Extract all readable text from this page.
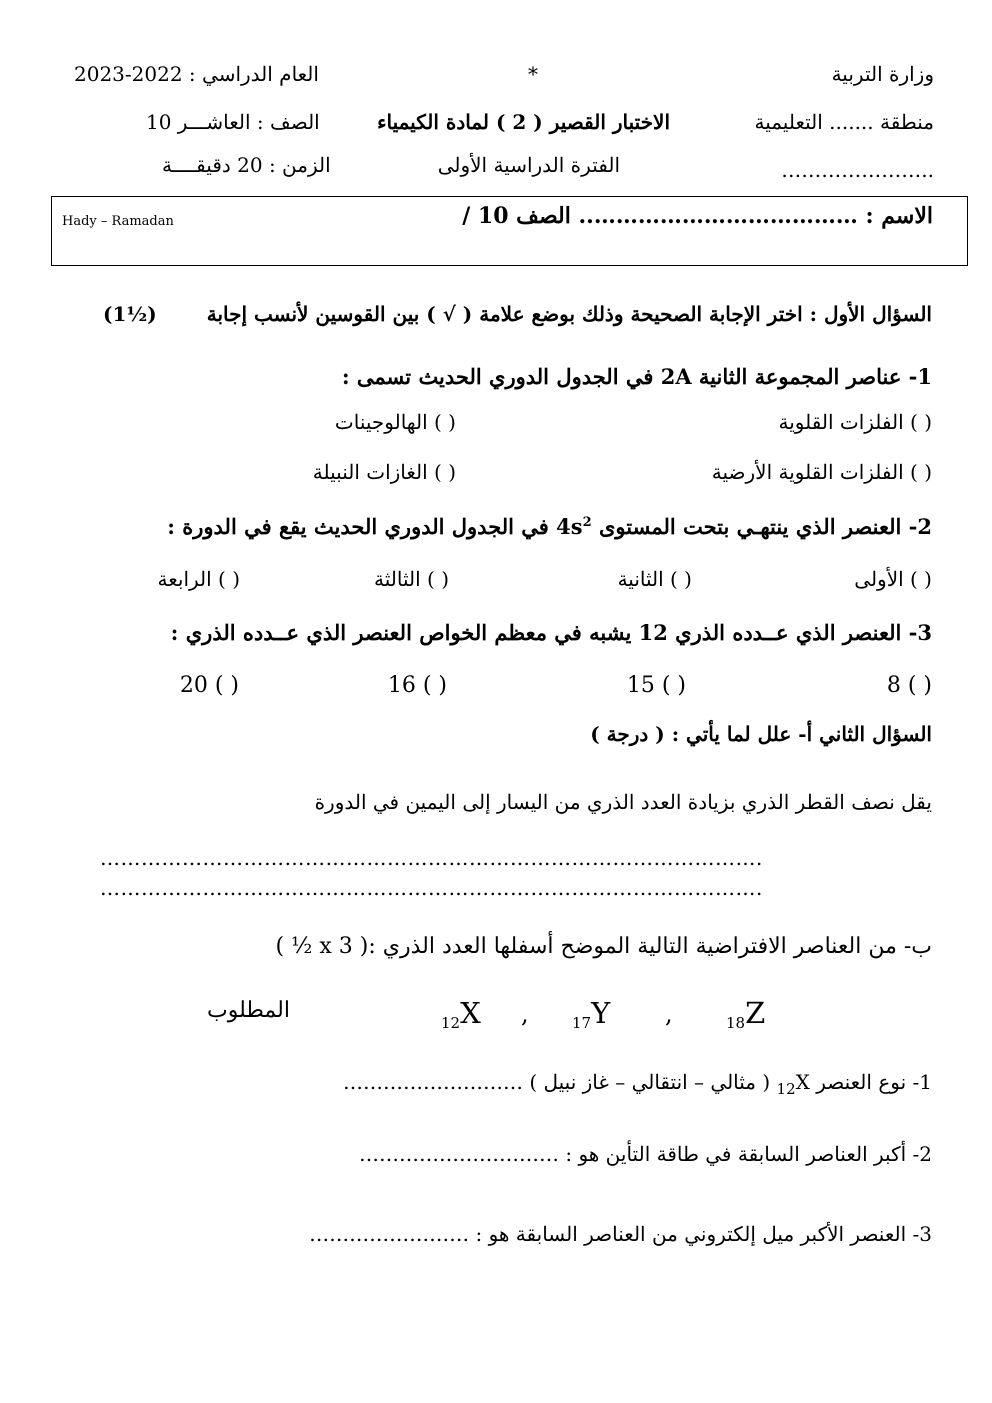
وزارة التربية
*
العام الدراسي : 2022-2023
منطقة ....... التعليمية
الاختبار القصير ( 2 ) لمادة الكيمياء
الصف : العاشـــر 10
…………………..
الفترة الدراسية الأولى
الزمن : 20 دقيقــــة
الاسم : ……………………………….. الصف 10 /
Hady – Ramadan
السؤال الأول : اختر الإجابة الصحيحة وذلك بوضع علامة ( √ ) بين القوسين لأنسب إجابة
(1½)
1- عناصر المجموعة الثانية 2A في الجدول الدوري الحديث تسمى :
( ) الفلزات القلوية
( ) الهالوجينات
( ) الفلزات القلوية الأرضية
( ) الغازات النبيلة
2- العنصر الذي ينتهـي بتحت المستوى $4s^2$ في الجدول الدوري الحديث يقع في الدورة :
( ) الأولى
( ) الثانية
( ) الثالثة
( ) الرابعة
3- العنصر الذي عــدده الذري 12 يشبه في معظم الخواص العنصر الذي عــدده الذري :
( ) 8
( ) 15
( ) 16
( ) 20
السؤال الثاني أ- علل لما يأتي : ( درجة )
يقل نصف القطر الذري بزيادة العدد الذري من اليسار إلى اليمين في الدورة
…………………………………………………………………………………….
…………………………………………………………………………………….
ب- من العناصر الافتراضية التالية الموضح أسفلها العدد الذري :( 3 x ½ )
المطلوب	$_{12}$X ,	$_{17}$Y ,	$_{18}$Z
1- نوع العنصر $_{12}$X ( مثالي – انتقالي – غاز نبيل ) ………………………
2- أكبر العناصر السابقة في طاقة التأين هو : …………………………
3- العنصر الأكبر ميل إلكتروني من العناصر السابقة هو : ……………………
